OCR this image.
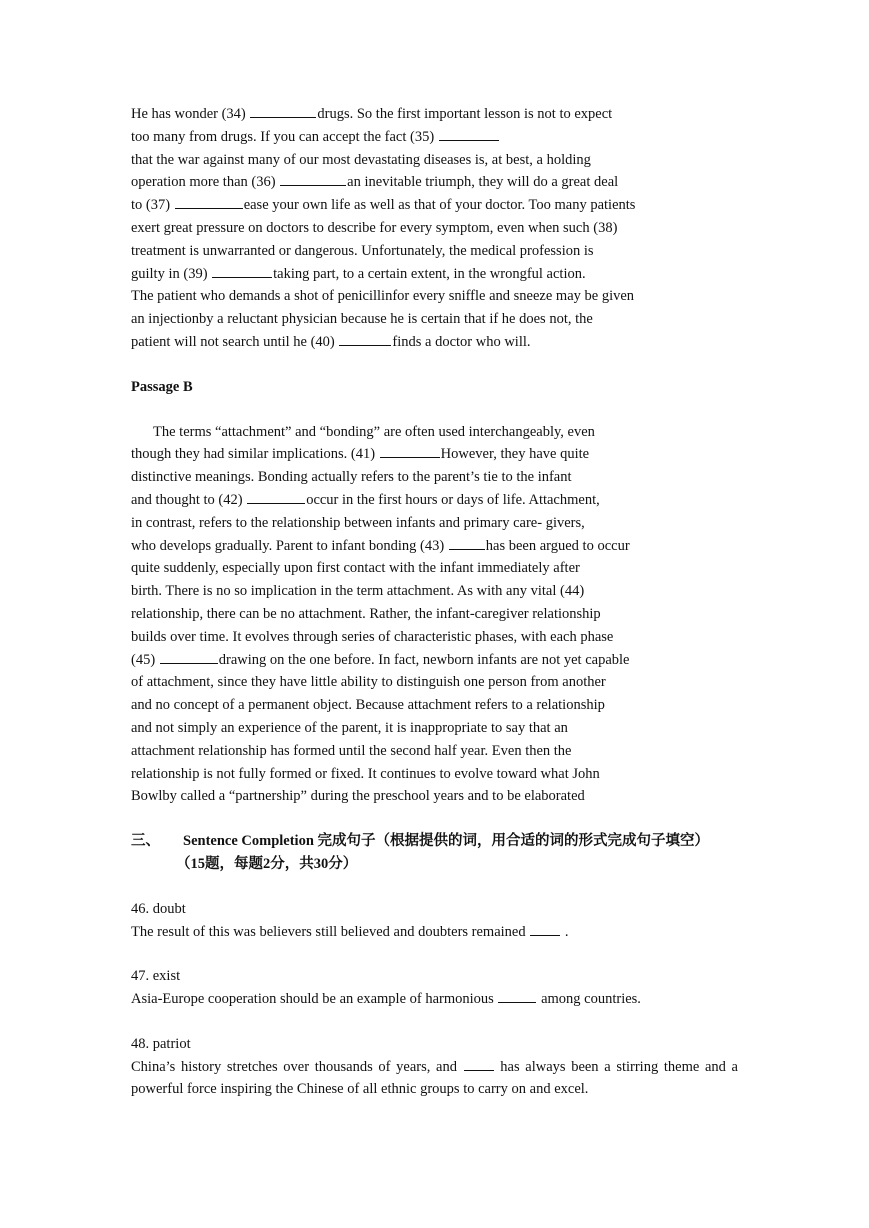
He has wonder (34)	drugs. So the first important lesson is not to expect
too many from drugs. If you can accept the fact (35)
that the war against many of our most devastating diseases is, at best, a holding
operation more than (36)	an inevitable triumph, they will do a great deal
to (37)	ease your own life as well as that of your doctor. Too many patients
exert great pressure on doctors to describe for every symptom, even when such (38)
treatment is unwarranted or dangerous. Unfortunately, the medical profession is
guilty in (39)	taking part, to a certain extent, in the wrongful action.
The patient who demands a shot of penicillinfor every sniffle and sneeze may be given
an injectionby a reluctant physician because he is certain that if he does not, the
patient will not search until he (40)	finds a doctor who will.
Passage B
The terms “attachment” and “bonding” are often used interchangeably, even
though they had similar implications. (41)	However, they have quite
distinctive meanings. Bonding actually refers to the parent’s tie to the infant
and thought to (42)	occur in the first hours or days of life. Attachment,
in contrast, refers to the relationship between infants and primary care- givers,
who develops gradually. Parent to infant bonding (43)	has been argued to occur
quite suddenly, especially upon first contact with the infant immediately after
birth. There is no so implication in the term attachment. As with any vital (44)
relationship, there can be no attachment. Rather, the infant-caregiver relationship
builds over time. It evolves through series of characteristic phases, with each phase
(45)	drawing on the one before. In fact, newborn infants are not yet capable
of attachment, since they have little ability to distinguish one person from another
and no concept of a permanent object. Because attachment refers to a relationship
and not simply an experience of the parent, it is inappropriate to say that an
attachment relationship has formed until the second half year. Even then the
relationship is not fully formed or fixed. It continues to evolve toward what John
Bowlby called a “partnership” during the preschool years and to be elaborated
三、 Sentence Completion 完成句子（根据提供的词，用合适的词的形式完成句子填空）
（15题，每题2分，共30分）
46. doubt
The result of this was believers still believed and doubters remained  .
47. exist
Asia-Europe cooperation should be an example of harmonious	among countries.
48. patriot
China’s history stretches over thousands of years, and  has always been a stirring theme and a powerful force inspiring the Chinese of all ethnic groups to carry on and excel.
